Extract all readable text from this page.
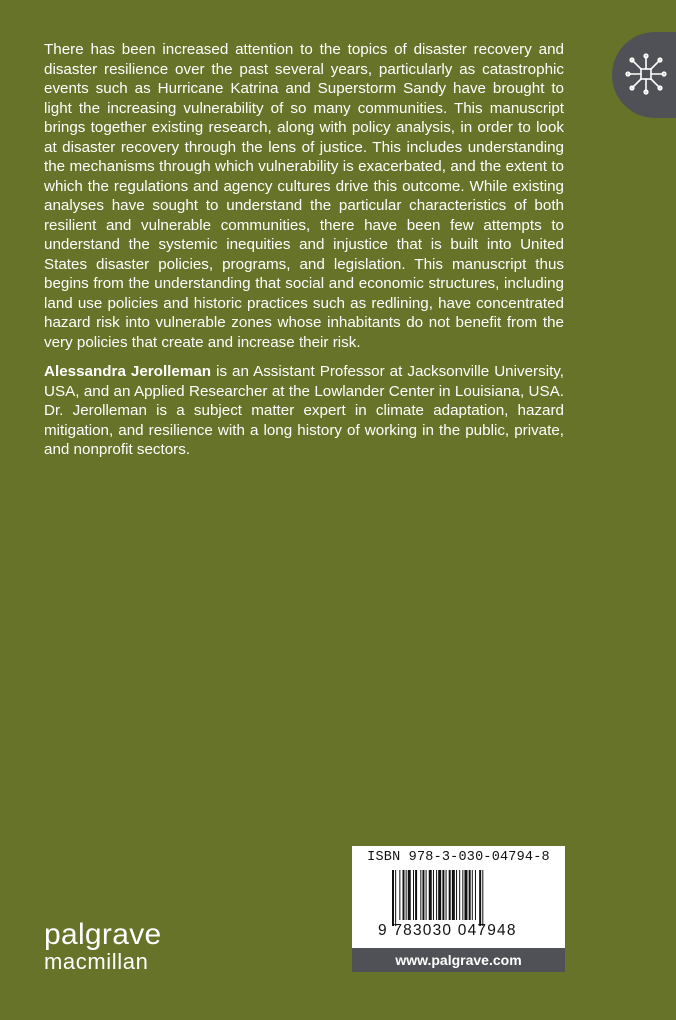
There has been increased attention to the topics of disaster recovery and disaster resilience over the past several years, particularly as catastrophic events such as Hurricane Katrina and Superstorm Sandy have brought to light the increasing vulnerability of so many communities. This manuscript brings together existing research, along with policy analysis, in order to look at disaster recovery through the lens of justice. This includes understanding the mechanisms through which vulnerability is exacerbated, and the extent to which the regulations and agency cultures drive this outcome. While existing analyses have sought to understand the particular characteristics of both resilient and vulnerable communities, there have been few attempts to understand the systemic inequities and injustice that is built into United States disaster policies, programs, and legislation. This manuscript thus begins from the understanding that social and economic structures, including land use policies and historic practices such as redlining, have concentrated hazard risk into vulnerable zones whose inhabitants do not benefit from the very policies that create and increase their risk.

Alessandra Jerolleman is an Assistant Professor at Jacksonville University, USA, and an Applied Researcher at the Lowlander Center in Louisiana, USA. Dr. Jerolleman is a subject matter expert in climate adaptation, hazard mitigation, and resilience with a long history of working in the public, private, and nonprofit sectors.

ISBN 978-3-030-04794-8
9 783030 047948
www.palgrave.com
palgrave
macmillan
